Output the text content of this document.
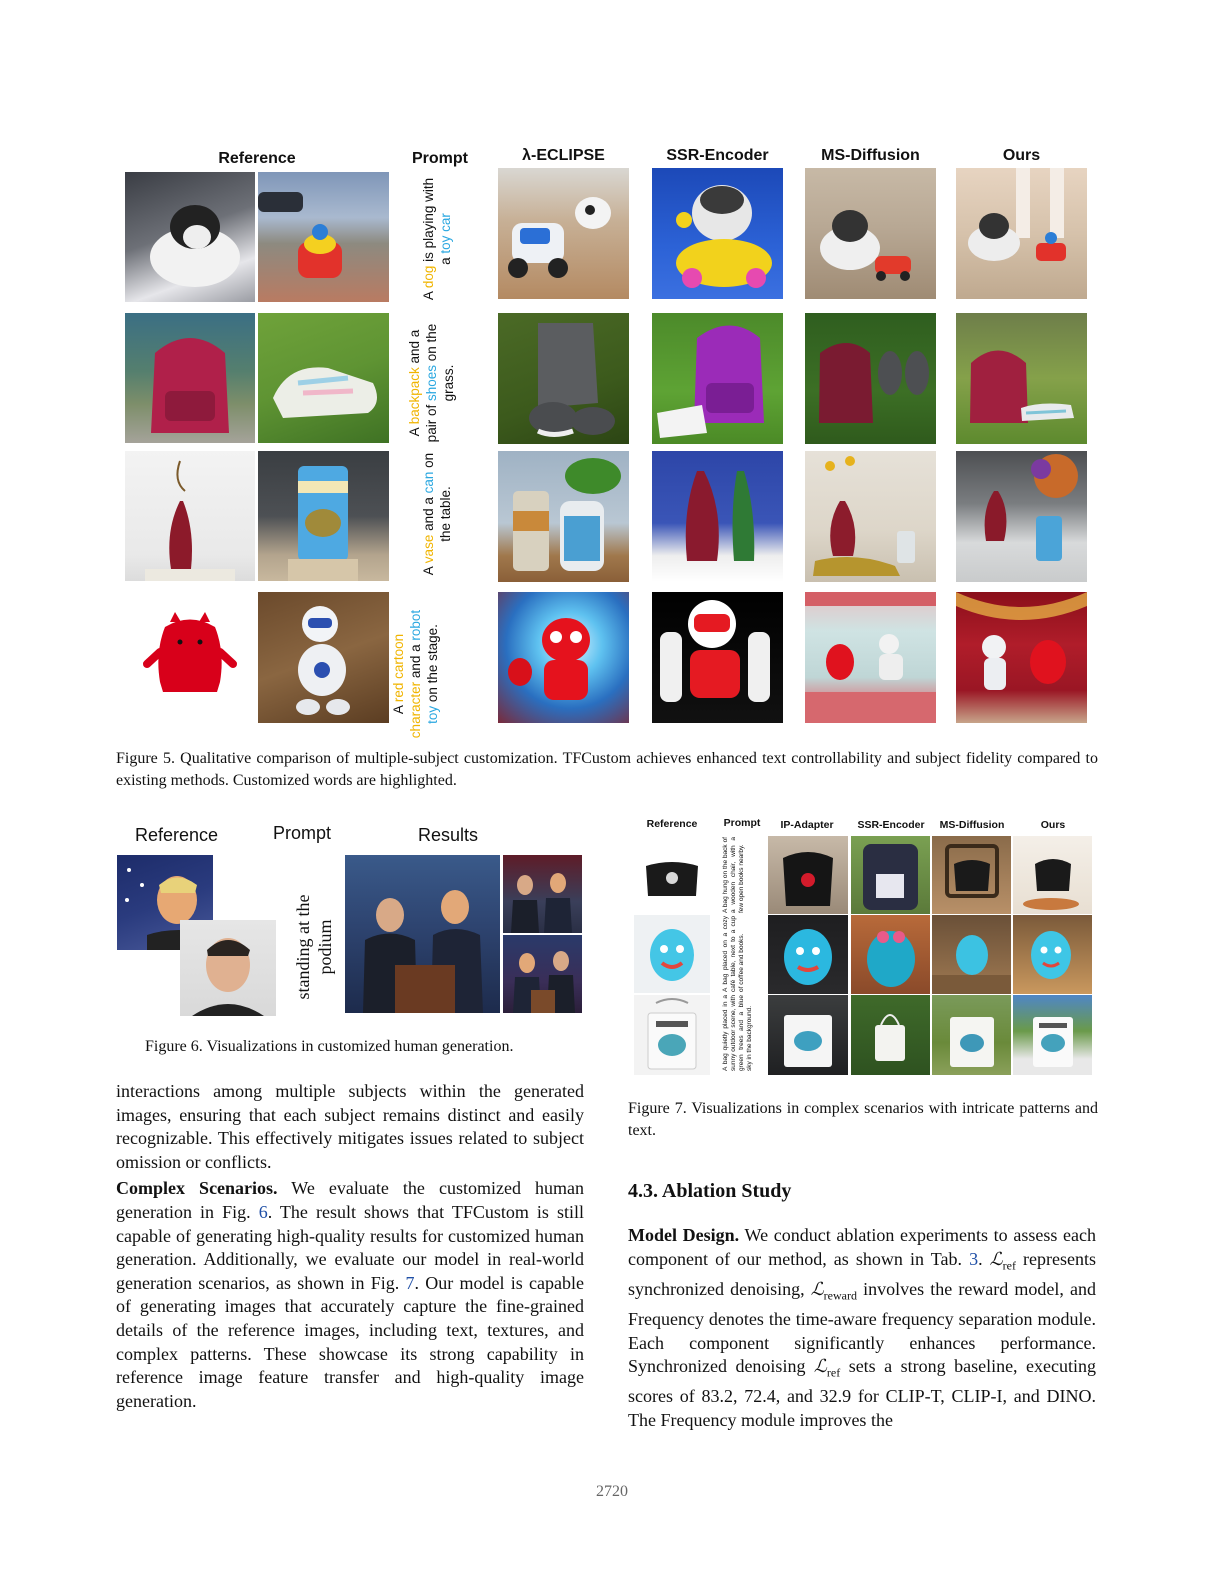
Reference	Prompt	λ-ECLIPSE	SSR-Encoder	MS-Diffusion	Ours
A dog is playing with a toy car
A backpack and a pair of shoes on the grass.
A vase and a can on the table.
A red cartoon character and a robot toy on the stage.
Figure 5. Qualitative comparison of multiple-subject customization. TFCustom achieves enhanced text controllability and subject fidelity compared to existing methods. Customized words are highlighted.
Reference	Prompt	Results
standing at the podium
Figure 6. Visualizations in customized human generation.
Reference	Prompt	IP-Adapter	SSR-Encoder	MS-Diffusion	Ours
A bag hung on the back of a wooden chair, with a few open books nearby.
A bag placed on a cozy café table, next to a cup of coffee and books.
A bag quietly placed in a sunny outdoor scene, with green trees and a blue sky in the background.
Figure 7. Visualizations in complex scenarios with intricate patterns and text.
interactions among multiple subjects within the generated images, ensuring that each subject remains distinct and easily recognizable. This effectively mitigates issues related to subject omission or conflicts.
Complex Scenarios. We evaluate the customized human generation in Fig. 6. The result shows that TFCustom is still capable of generating high-quality results for customized human generation. Additionally, we evaluate our model in real-world generation scenarios, as shown in Fig. 7. Our model is capable of generating images that accurately capture the fine-grained details of the reference images, including text, textures, and complex patterns. These showcase its strong capability in reference image feature transfer and high-quality image generation.
4.3. Ablation Study
Model Design. We conduct ablation experiments to assess each component of our method, as shown in Tab. 3. ℒ$_{ref}$ represents synchronized denoising, ℒ$_{reward}$ involves the reward model, and Frequency denotes the time-aware frequency separation module. Each component significantly enhances performance. Synchronized denoising ℒ$_{ref}$ sets a strong baseline, executing scores of 83.2, 72.4, and 32.9 for CLIP-T, CLIP-I, and DINO. The Frequency module improves the
2720
